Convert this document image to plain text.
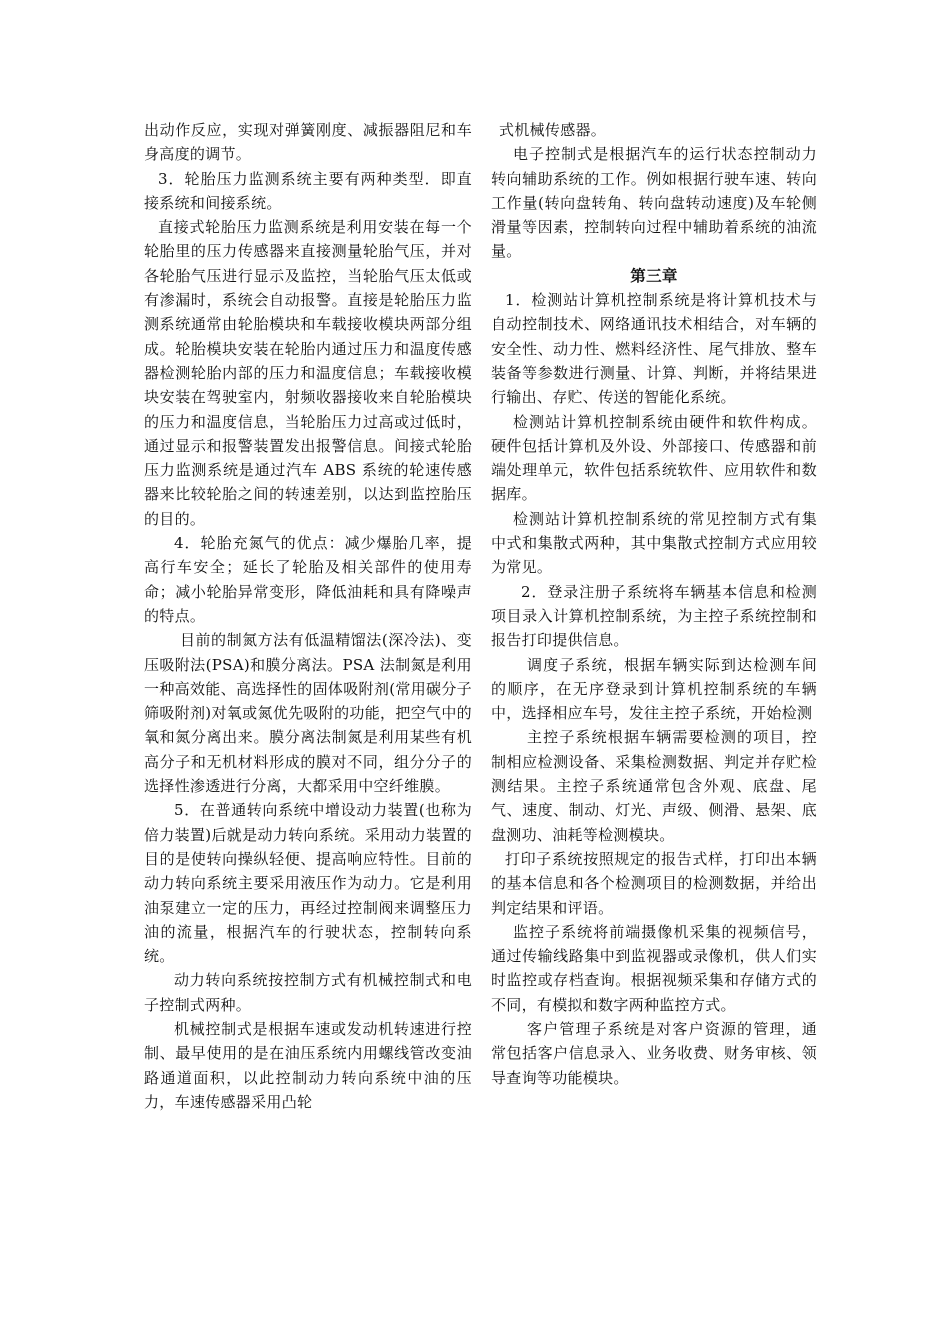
出动作反应，实现对弹簧刚度、减振器阻尼和车身高度的调节。

3．轮胎压力监测系统主要有两种类型．即直接系统和间接系统。

直接式轮胎压力监测系统是利用安装在每一个轮胎里的压力传感器来直接测量轮胎气压，并对各轮胎气压进行显示及监控，当轮胎气压太低或有渗漏时，系统会自动报警。直接是轮胎压力监测系统通常由轮胎模块和车载接收模块两部分组成。轮胎模块安装在轮胎内通过压力和温度传感器检测轮胎内部的压力和温度信息；车载接收模块安装在驾驶室内，射频收器接收来自轮胎模块的压力和温度信息，当轮胎压力过高或过低时，通过显示和报警装置发出报警信息。间接式轮胎压力监测系统是通过汽车 ABS 系统的轮速传感器来比较轮胎之间的转速差别，以达到监控胎压的目的。

4．轮胎充氮气的优点：减少爆胎几率，提高行车安全；延长了轮胎及相关部件的使用寿命；减小轮胎异常变形，降低油耗和具有降噪声的特点。

目前的制氮方法有低温精馏法(深冷法)、变压吸附法(PSA)和膜分离法。PSA 法制氮是利用一种高效能、高选择性的固体吸附剂(常用碳分子筛吸附剂)对氧或氮优先吸附的功能，把空气中的氧和氮分离出来。膜分离法制氮是利用某些有机高分子和无机材料形成的膜对不同，组分分子的选择性渗透进行分离，大都采用中空纤维膜。

5．在普通转向系统中增设动力装置(也称为倍力装置)后就是动力转向系统。采用动力装置的目的是使转向操纵轻便、提高响应特性。目前的动力转向系统主要采用液压作为动力。它是利用油泵建立一定的压力，再经过控制阀来调整压力油的流量，根据汽车的行驶状态，控制转向系统。

动力转向系统按控制方式有机械控制式和电子控制式两种。

机械控制式是根据车速或发动机转速进行控制、最早使用的是在油压系统内用螺线管改变油路通道面积，以此控制动力转向系统中油的压力，车速传感器采用凸轮

式机械传感器。

电子控制式是根据汽车的运行状态控制动力转向辅助系统的工作。例如根据行驶车速、转向工作量(转向盘转角、转向盘转动速度)及车轮侧滑量等因素，控制转向过程中辅助着系统的油流量。

第三章

1．检测站计算机控制系统是将计算机技术与自动控制技术、网络通讯技术相结合，对车辆的安全性、动力性、燃料经济性、尾气排放、整车装备等参数进行测量、计算、判断，并将结果进行输出、存贮、传送的智能化系统。

检测站计算机控制系统由硬件和软件构成。硬件包括计算机及外设、外部接口、传感器和前端处理单元，软件包括系统软件、应用软件和数据库。

检测站计算机控制系统的常见控制方式有集中式和集散式两种，其中集散式控制方式应用较为常见。

2．登录注册子系统将车辆基本信息和检测项目录入计算机控制系统，为主控子系统控制和报告打印提供信息。

调度子系统，根据车辆实际到达检测车间的顺序，在无序登录到计算机控制系统的车辆中，选择相应车号，发往主控子系统，开始检测

主控子系统根据车辆需要检测的项目，控制相应检测设备、采集检测数据、判定并存贮检测结果。主控子系统通常包含外观、底盘、尾气、速度、制动、灯光、声级、侧滑、悬架、底盘测功、油耗等检测模块。

打印子系统按照规定的报告式样，打印出本辆的基本信息和各个检测项目的检测数据，并给出判定结果和评语。

监控子系统将前端摄像机采集的视频信号，通过传输线路集中到监视器或录像机，供人们实时监控或存档查询。根据视频采集和存储方式的不同，有模拟和数字两种监控方式。

客户管理子系统是对客户资源的管理，通常包括客户信息录入、业务收费、财务审核、领导查询等功能模块。
